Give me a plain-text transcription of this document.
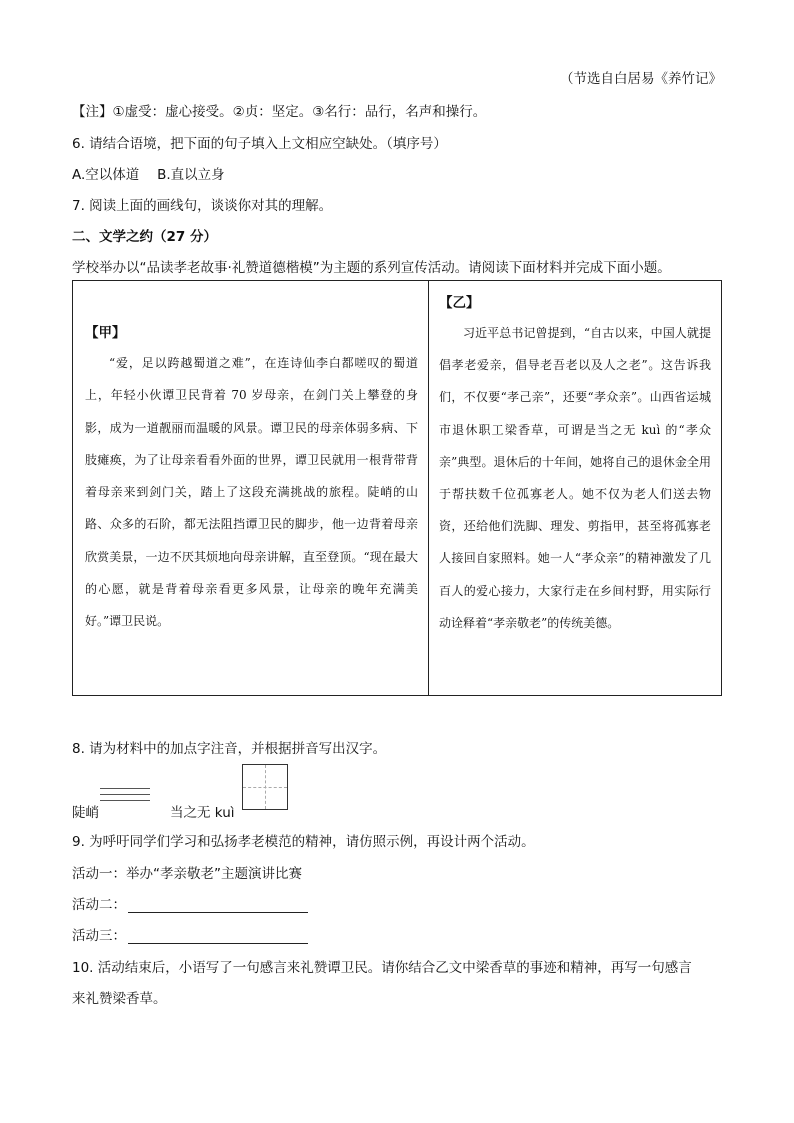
（节选自白居易《养竹记》
【注】①虚受：虚心接受。②贞：坚定。③名行：品行，名声和操行。
6. 请结合语境，把下面的句子填入上文相应空缺处。（填序号）
A.空以体道　 B.直以立身
7. 阅读上面的画线句，谈谈你对其的理解。
二、文学之约（27 分）
学校举办以“品读孝老故事·礼赞道德楷模”为主题的系列宣传活动。请阅读下面材料并完成下面小题。
【甲】
“爱，足以跨越蜀道之难”，在连诗仙李白都嗟叹的蜀道上，年轻小伙谭卫民背着 70 岁母亲，在剑门关上攀登的身影，成为一道靓丽而温暖的风景。谭卫民的母亲体弱多病、下肢瘫痪，为了让母亲看看外面的世界，谭卫民就用一根背带背着母亲来到剑门关，踏上了这段充满挑战的旅程。陡峭的山路、众多的石阶，都无法阻挡谭卫民的脚步，他一边背着母亲欣赏美景，一边不厌其烦地向母亲讲解，直至登顶。“现在最大的心愿，就是背着母亲看更多风景，让母亲的晚年充满美好。”谭卫民说。
【乙】
习近平总书记曾提到，“自古以来，中国人就提倡孝老爱亲，倡导老吾老以及人之老”。这告诉我们，不仅要“孝己亲”，还要“孝众亲”。山西省运城市退休职工梁香草，可谓是当之无 kuì 的“孝众亲”典型。退休后的十年间，她将自己的退休金全用于帮扶数千位孤寡老人。她不仅为老人们送去物资，还给他们洗脚、理发、剪指甲，甚至将孤寡老人接回自家照料。她一人“孝众亲”的精神激发了几百人的爱心接力，大家行走在乡间村野，用实际行动诠释着“孝亲敬老”的传统美德。
8. 请为材料中的加点字注音，并根据拼音写出汉字。
陡峭	当之无 kuì
9. 为呼吁同学们学习和弘扬孝老模范的精神，请仿照示例，再设计两个活动。
活动一：举办“孝亲敬老”主题演讲比赛
活动二：
活动三：
10. 活动结束后，小语写了一句感言来礼赞谭卫民。请你结合乙文中梁香草的事迹和精神，再写一句感言
来礼赞梁香草。
